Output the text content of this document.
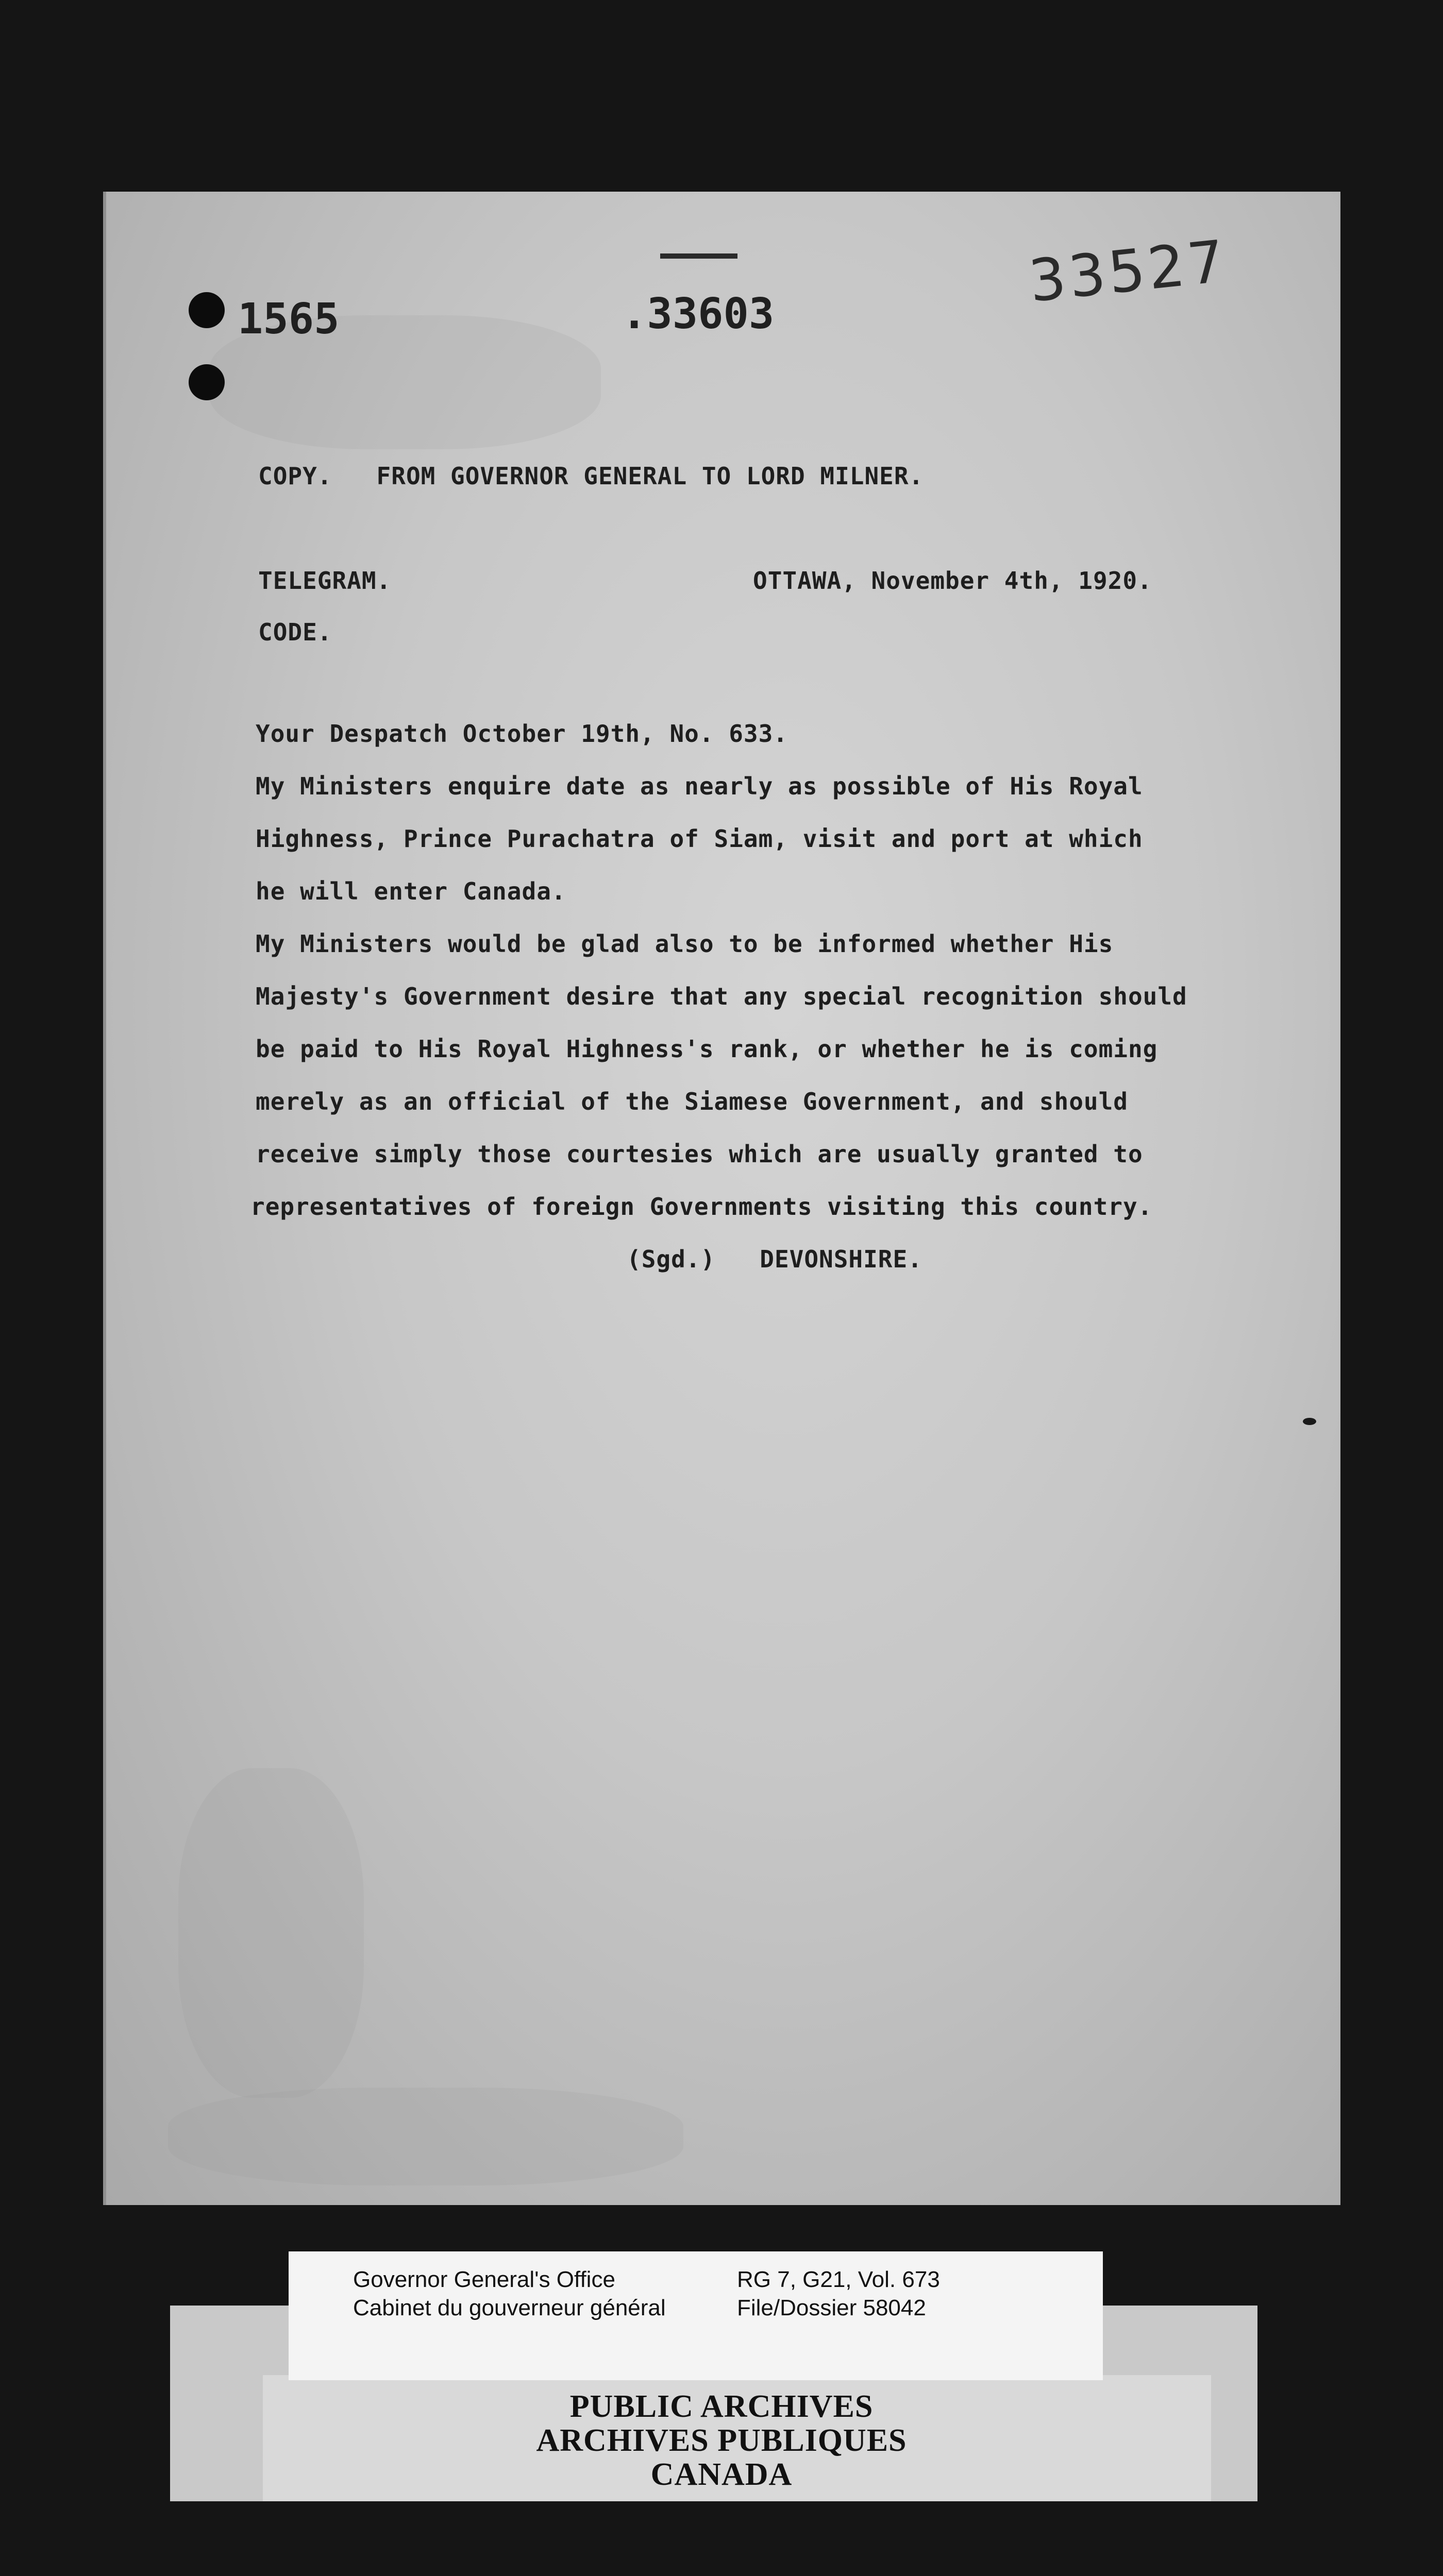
1565	.33603	33527
COPY.   FROM GOVERNOR GENERAL TO LORD MILNER.
TELEGRAM.	OTTAWA, November 4th, 1920.
CODE.
Your Despatch October 19th, No. 633.
My Ministers enquire date as nearly as possible of His Royal
Highness, Prince Purachatra of Siam, visit and port at which
he will enter Canada.
My Ministers would be glad also to be informed whether His
Majesty's Government desire that any special recognition should
be paid to His Royal Highness's rank, or whether he is coming
merely as an official of the Siamese Government, and should
receive simply those courtesies which are usually granted to
representatives of foreign Governments visiting this country.
(Sgd.)   DEVONSHIRE.
Governor General's Office
Cabinet du gouverneur général
RG 7, G21, Vol. 673
File/Dossier 58042
PUBLIC ARCHIVES
ARCHIVES PUBLIQUES
CANADA
